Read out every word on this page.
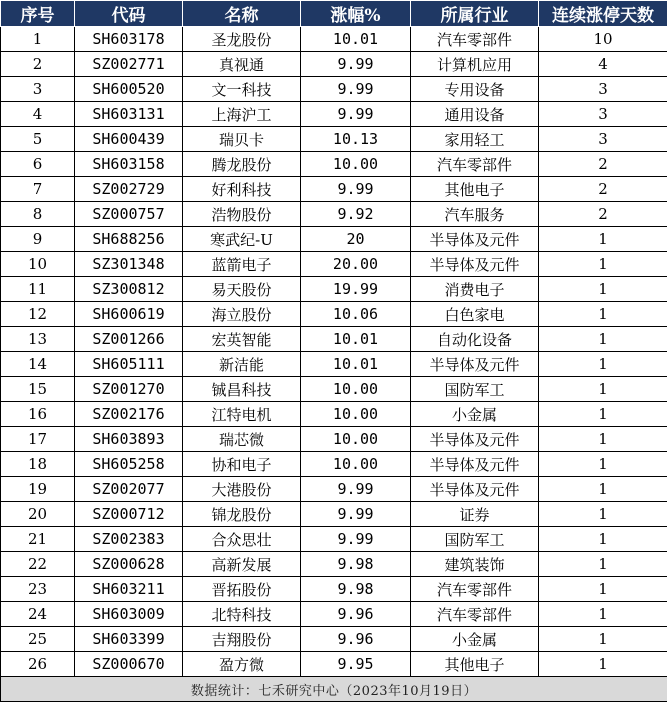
序号	代码	名称	涨幅%	所属行业	连续涨停天数
1	SH603178	圣龙股份	10.01	汽车零部件	10
2	SZ002771	真视通	9.99	计算机应用	4
3	SH600520	文一科技	9.99	专用设备	3
4	SH603131	上海沪工	9.99	通用设备	3
5	SH600439	瑞贝卡	10.13	家用轻工	3
6	SH603158	腾龙股份	10.00	汽车零部件	2
7	SZ002729	好利科技	9.99	其他电子	2
8	SZ000757	浩物股份	9.92	汽车服务	2
9	SH688256	寒武纪-U	20	半导体及元件	1
10	SZ301348	蓝箭电子	20.00	半导体及元件	1
11	SZ300812	易天股份	19.99	消费电子	1
12	SH600619	海立股份	10.06	白色家电	1
13	SZ001266	宏英智能	10.01	自动化设备	1
14	SH605111	新洁能	10.01	半导体及元件	1
15	SZ001270	铖昌科技	10.00	国防军工	1
16	SZ002176	江特电机	10.00	小金属	1
17	SH603893	瑞芯微	10.00	半导体及元件	1
18	SH605258	协和电子	10.00	半导体及元件	1
19	SZ002077	大港股份	9.99	半导体及元件	1
20	SZ000712	锦龙股份	9.99	证券	1
21	SZ002383	合众思壮	9.99	国防军工	1
22	SZ000628	高新发展	9.98	建筑装饰	1
23	SH603211	晋拓股份	9.98	汽车零部件	1
24	SH603009	北特科技	9.96	汽车零部件	1
25	SH603399	吉翔股份	9.96	小金属	1
26	SZ000670	盈方微	9.95	其他电子	1
数据统计：七禾研究中心（2023年10月19日）					
